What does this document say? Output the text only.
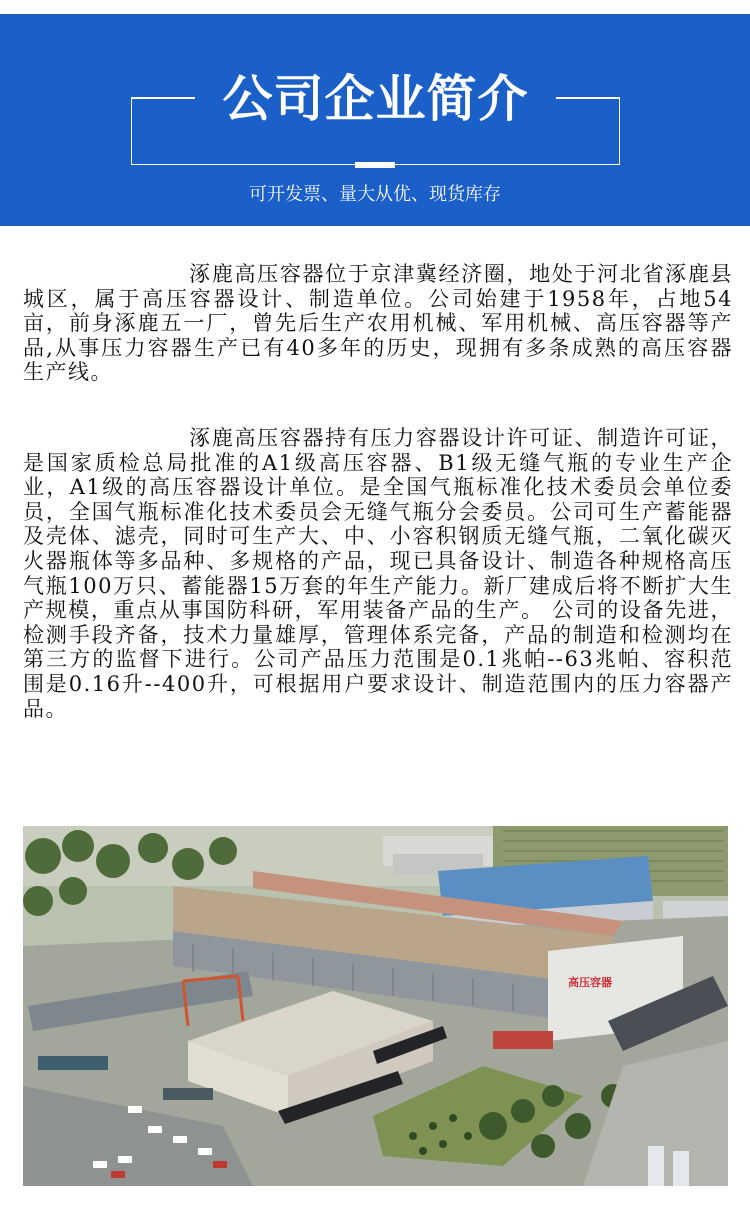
公司企业简介
可开发票、量大从优、现货库存
涿鹿高压容器位于京津冀经济圈，地处于河北省涿鹿县城区，属于高压容器设计、制造单位。公司始建于1958年，占地54亩，前身涿鹿五一厂，曾先后生产农用机械、军用机械、高压容器等产品,从事压力容器生产已有40多年的历史，现拥有多条成熟的高压容器生产线。
涿鹿高压容器持有压力容器设计许可证、制造许可证，是国家质检总局批准的A1级高压容器、B1级无缝气瓶的专业生产企业，A1级的高压容器设计单位。是全国气瓶标准化技术委员会单位委员，全国气瓶标准化技术委员会无缝气瓶分会委员。公司可生产蓄能器及壳体、滤壳，同时可生产大、中、小容积钢质无缝气瓶，二氧化碳灭火器瓶体等多品种、多规格的产品，现已具备设计、制造各种规格高压气瓶100万只、蓄能器15万套的年生产能力。新厂建成后将不断扩大生产规模，重点从事国防科研，军用装备产品的生产。 公司的设备先进，检测手段齐备，技术力量雄厚，管理体系完备，产品的制造和检测均在第三方的监督下进行。公司产品压力范围是0.1兆帕--63兆帕、容积范围是0.16升--400升，可根据用户要求设计、制造范围内的压力容器产品。
高压容器
